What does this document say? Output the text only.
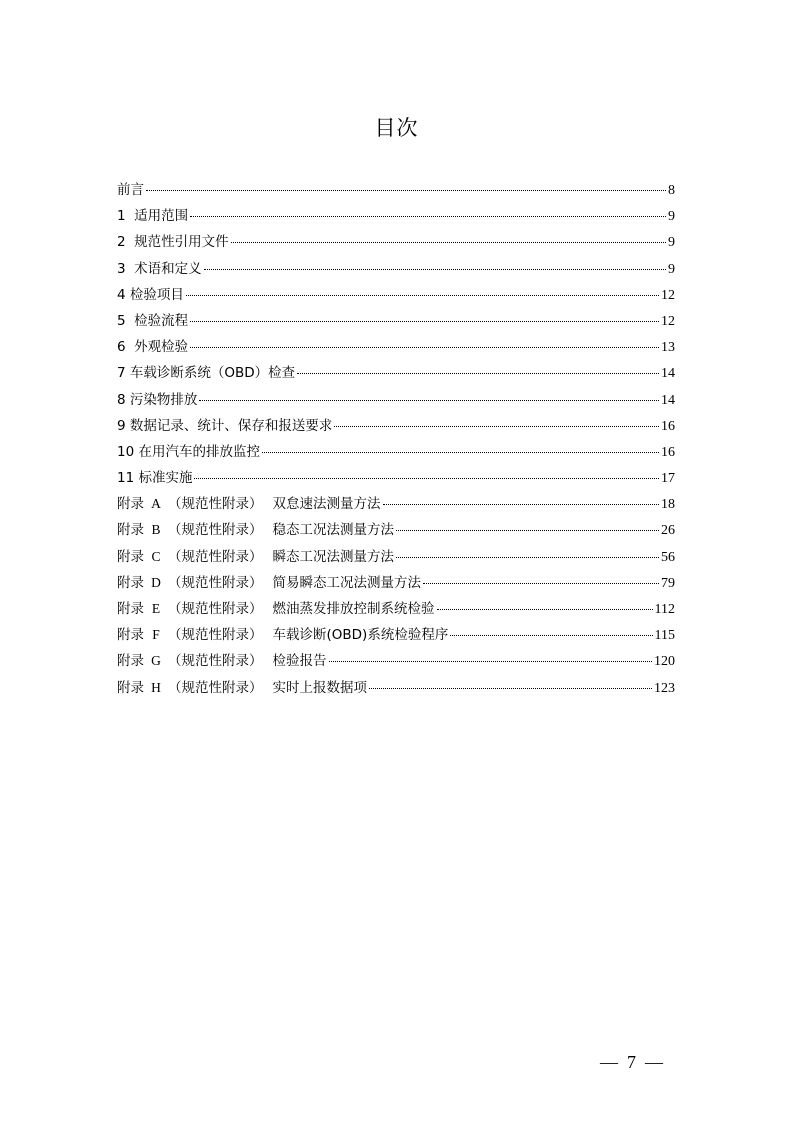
目次
前言	8
1  适用范围	9
2  规范性引用文件	9
3  术语和定义	9
4 检验项目	12
5  检验流程	12
6  外观检验	13
7 车载诊断系统（OBD）检查	14
8 污染物排放	14
9 数据记录、统计、保存和报送要求	16
10 在用汽车的排放监控	16
11 标准实施	17
附录 A （规范性附录） 双怠速法测量方法	18
附录 B （规范性附录） 稳态工况法测量方法	26
附录 C （规范性附录） 瞬态工况法测量方法	56
附录 D （规范性附录） 简易瞬态工况法测量方法	79
附录 E （规范性附录） 燃油蒸发排放控制系统检验	112
附录 F （规范性附录） 车载诊断(OBD)系统检验程序	115
附录 G （规范性附录） 检验报告	120
附录 H （规范性附录） 实时上报数据项	123
—  7  —
